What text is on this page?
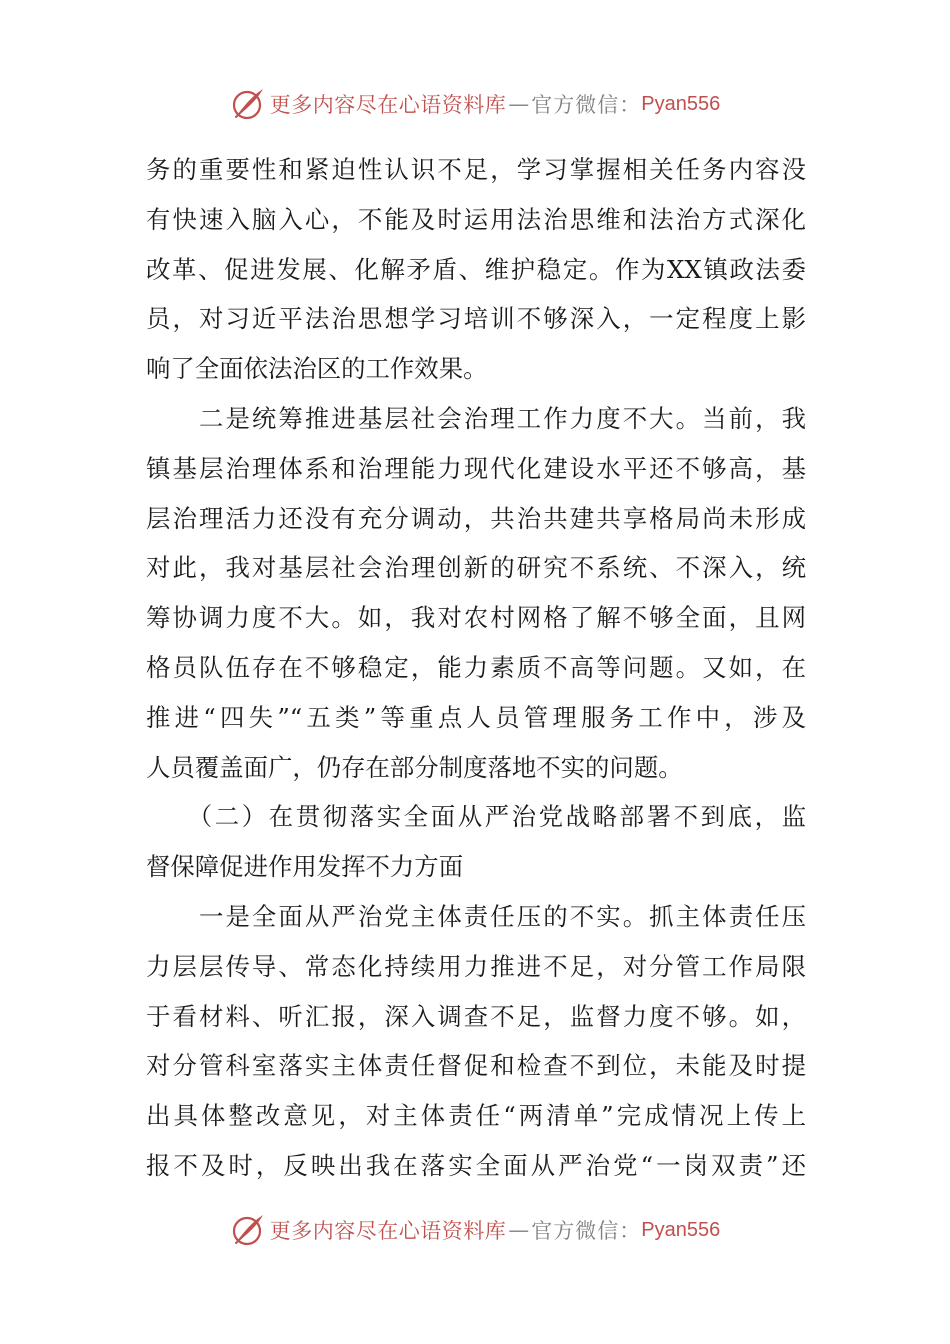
更多内容尽在心语资料库 — 官方微信： Pyan556
务的重要性和紧迫性认识不足，学习掌握相关任务内容没
有快速入脑入心，不能及时运用法治思维和法治方式深化
改革、促进发展、化解矛盾、维护稳定。作为XX镇政法委
员，对习近平法治思想学习培训不够深入，一定程度上影
响了全面依法治区的工作效果。
　　二是统筹推进基层社会治理工作力度不大。当前，我
镇基层治理体系和治理能力现代化建设水平还不够高，基
层治理活力还没有充分调动，共治共建共享格局尚未形成
对此，我对基层社会治理创新的研究不系统、不深入，统
筹协调力度不大。如，我对农村网格了解不够全面，且网
格员队伍存在不够稳定，能力素质不高等问题。又如，在
推进“四失”“五类”等重点人员管理服务工作中，涉及
人员覆盖面广，仍存在部分制度落地不实的问题。
　　（二）在贯彻落实全面从严治党战略部署不到底，监
督保障促进作用发挥不力方面
　　一是全面从严治党主体责任压的不实。抓主体责任压
力层层传导、常态化持续用力推进不足，对分管工作局限
于看材料、听汇报，深入调查不足，监督力度不够。如，
对分管科室落实主体责任督促和检查不到位，未能及时提
出具体整改意见，对主体责任“两清单”完成情况上传上
报不及时，反映出我在落实全面从严治党“一岗双责”还
更多内容尽在心语资料库 — 官方微信： Pyan556
